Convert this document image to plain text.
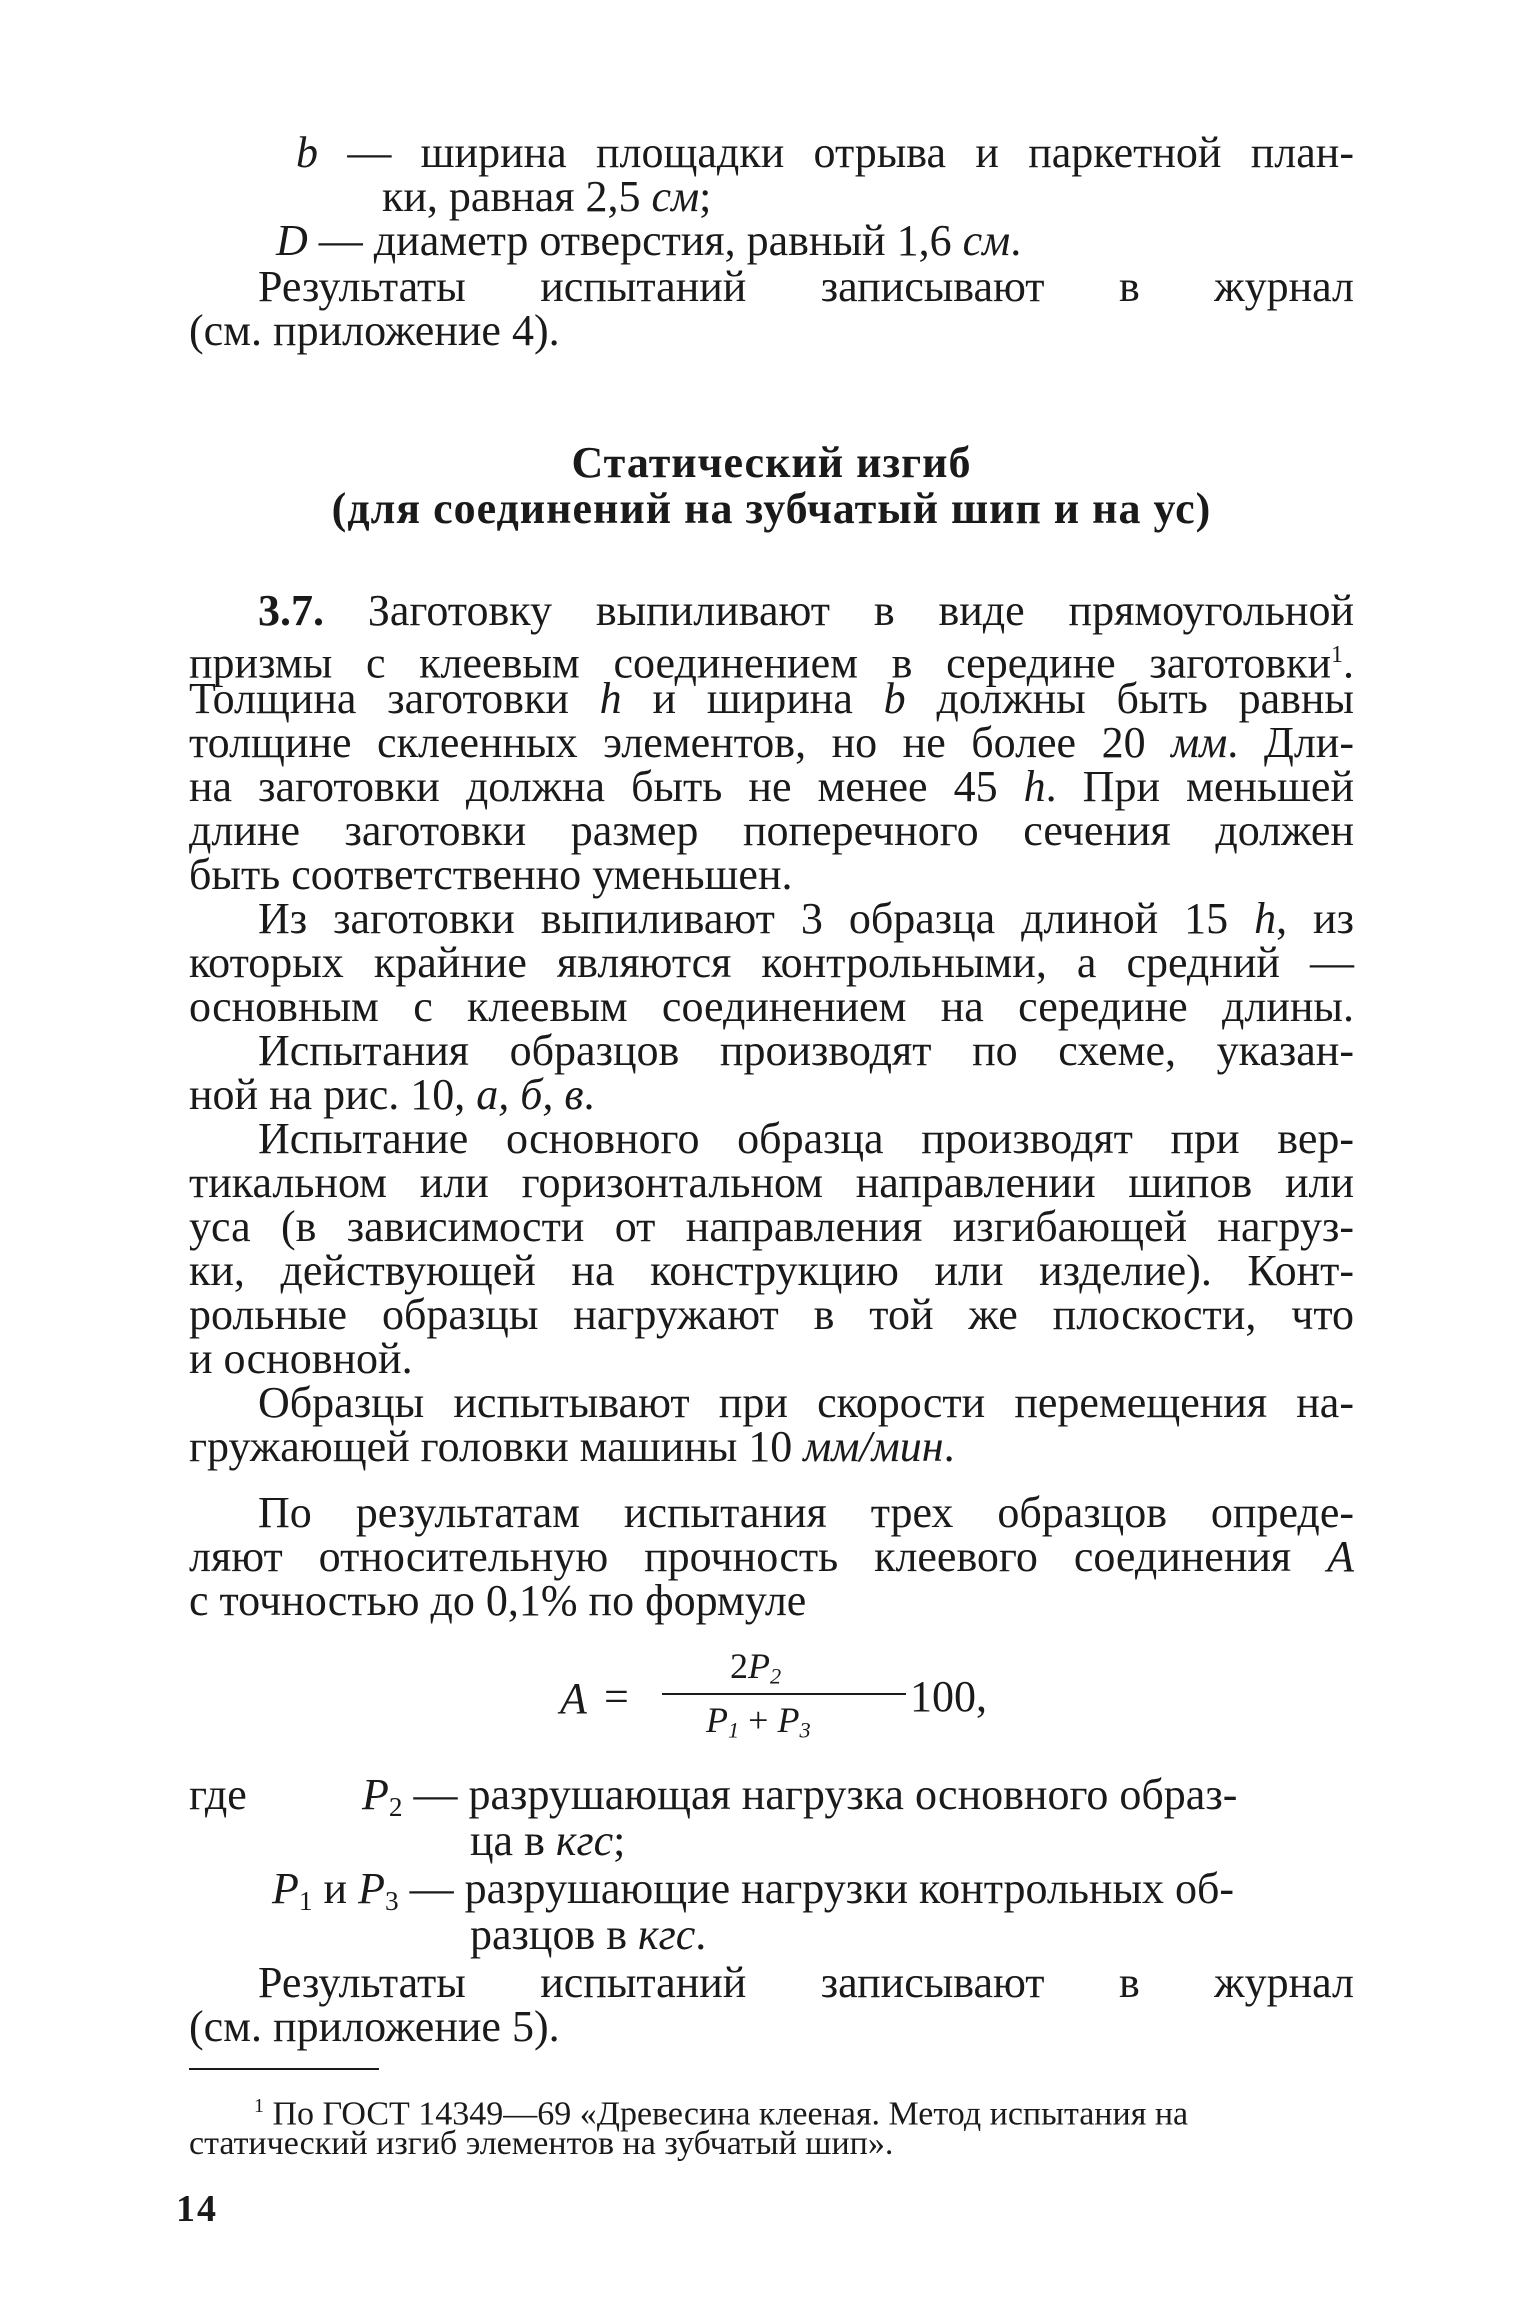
b — ширина площадки отрыва и паркетной план-
ки, равная 2,5 см;
D — диаметр отверстия, равный 1,6 см.
Результаты испытаний записывают в журнал
(см. приложение 4).
Статический изгиб
(для соединений на зубчатый шип и на ус)
3.7. Заготовку выпиливают в виде прямоугольной
призмы с клеевым соединением в середине заготовки$^1$.
Толщина заготовки h и ширина b должны быть равны
толщине склеенных элементов, но не более 20 мм. Дли-
на заготовки должна быть не менее 45 h. При меньшей
длине заготовки размер поперечного сечения должен
быть соответственно уменьшен.
Из заготовки выпиливают 3 образца длиной 15 h, из
которых крайние являются контрольными, а средний —
основным с клеевым соединением на середине длины.
Испытания образцов производят по схеме, указан-
ной на рис. 10, а, б, в.
Испытание основного образца производят при вер-
тикальном или горизонтальном направлении шипов или
уса (в зависимости от направления изгибающей нагруз-
ки, действующей на конструкцию или изделие). Конт-
рольные образцы нагружают в той же плоскости, что
и основной.
Образцы испытывают при скорости перемещения на-
гружающей головки машины 10 мм/мин.
По результатам испытания трех образцов опреде-
ляют относительную прочность клеевого соединения А
с точностью до 0,1% по формуле
A =
$2P_2$
$P_1 + P_3$
100,
где	$P_2$ — разрушающая нагрузка основного образ-
ца в кгс;
$P_1$ и $P_3$ — разрушающие нагрузки контрольных об-
разцов в кгс.
Результаты испытаний записывают в журнал
(см. приложение 5).
$^1$ По ГОСТ 14349—69 «Древесина клееная. Метод испытания на
статический изгиб элементов на зубчатый шип».
14
